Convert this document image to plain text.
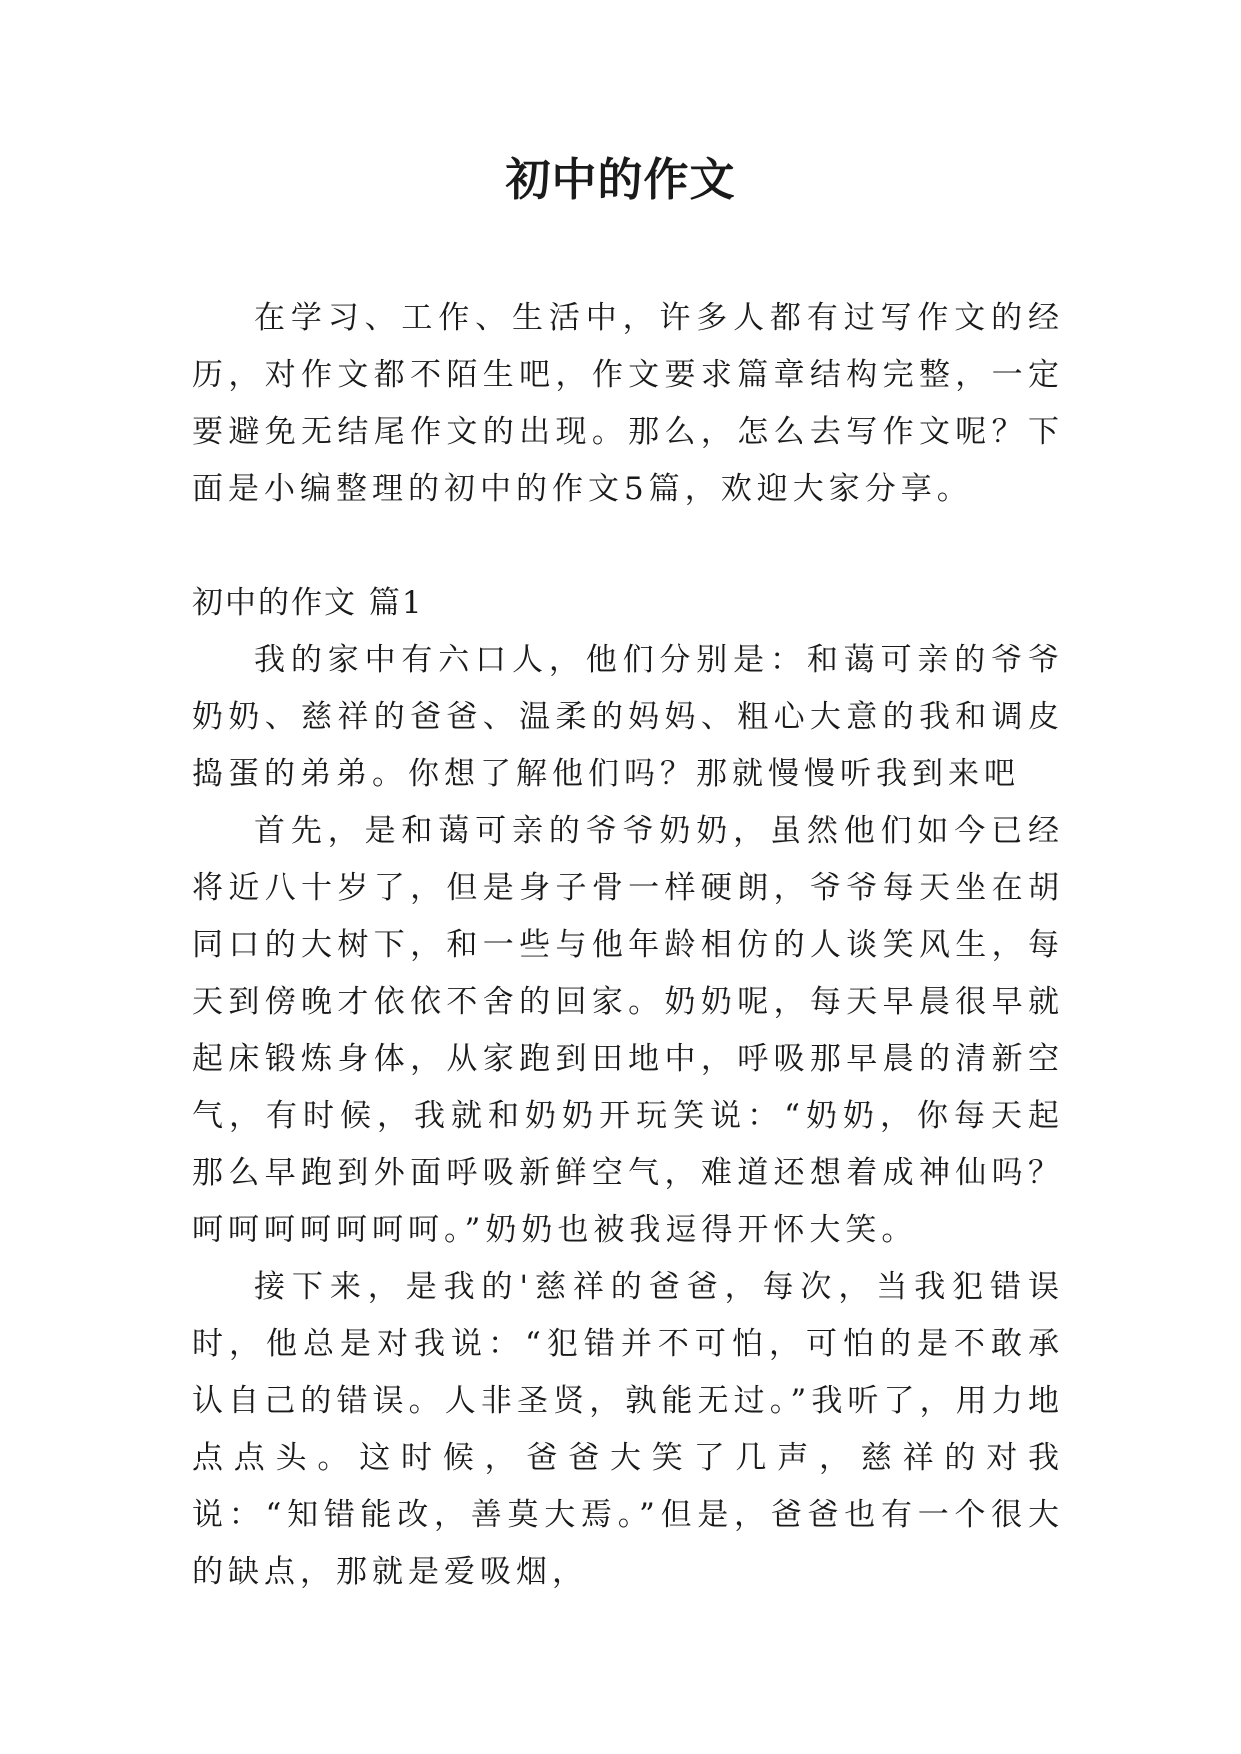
初中的作文

在学习、工作、生活中，许多人都有过写作文的经历，对作文都不陌生吧，作文要求篇章结构完整，一定要避免无结尾作文的出现。那么，怎么去写作文呢？下面是小编整理的初中的作文5篇，欢迎大家分享。

初中的作文 篇1

我的家中有六口人，他们分别是：和蔼可亲的爷爷奶奶、慈祥的爸爸、温柔的妈妈、粗心大意的我和调皮捣蛋的弟弟。你想了解他们吗？那就慢慢听我到来吧

首先，是和蔼可亲的爷爷奶奶，虽然他们如今已经将近八十岁了，但是身子骨一样硬朗，爷爷每天坐在胡同口的大树下，和一些与他年龄相仿的人谈笑风生，每天到傍晚才依依不舍的回家。奶奶呢，每天早晨很早就起床锻炼身体，从家跑到田地中，呼吸那早晨的清新空气，有时候，我就和奶奶开玩笑说：“奶奶，你每天起那么早跑到外面呼吸新鲜空气，难道还想着成神仙吗？呵呵呵呵呵呵呵。”奶奶也被我逗得开怀大笑。

接下来，是我的'慈祥的爸爸，每次，当我犯错误时，他总是对我说：“犯错并不可怕，可怕的是不敢承认自己的错误。人非圣贤，孰能无过。”我听了，用力地点点头。这时候，爸爸大笑了几声，慈祥的对我说：“知错能改，善莫大焉。”但是，爸爸也有一个很大的缺点，那就是爱吸烟，
